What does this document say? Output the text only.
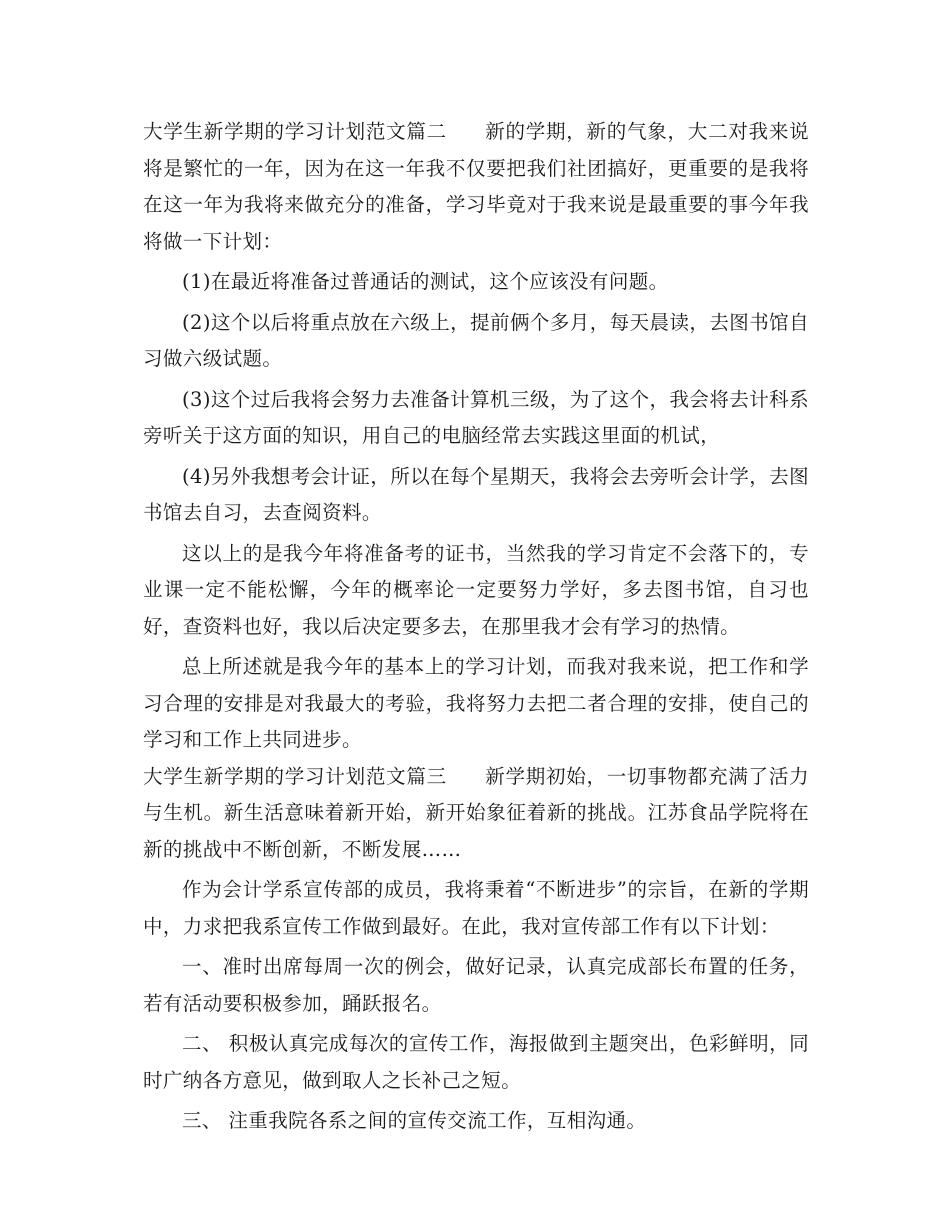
大学生新学期的学习计划范文篇二 新的学期，新的气象，大二对我来说将是繁忙的一年，因为在这一年我不仅要把我们社团搞好，更重要的是我将在这一年为我将来做充分的准备，学习毕竟对于我来说是最重要的事今年我将做一下计划：

(1)在最近将准备过普通话的测试，这个应该没有问题。

(2)这个以后将重点放在六级上，提前俩个多月，每天晨读，去图书馆自习做六级试题。

(3)这个过后我将会努力去准备计算机三级，为了这个，我会将去计科系旁听关于这方面的知识，用自己的电脑经常去实践这里面的机试，

(4)另外我想考会计证，所以在每个星期天，我将会去旁听会计学，去图书馆去自习，去查阅资料。

这以上的是我今年将准备考的证书，当然我的学习肯定不会落下的，专业课一定不能松懈，今年的概率论一定要努力学好，多去图书馆，自习也好，查资料也好，我以后决定要多去，在那里我才会有学习的热情。

总上所述就是我今年的基本上的学习计划，而我对我来说，把工作和学习合理的安排是对我最大的考验，我将努力去把二者合理的安排，使自己的学习和工作上共同进步。

大学生新学期的学习计划范文篇三 新学期初始，一切事物都充满了活力与生机。新生活意味着新开始，新开始象征着新的挑战。江苏食品学院将在新的挑战中不断创新，不断发展……

作为会计学系宣传部的成员，我将秉着“不断进步”的宗旨，在新的学期中，力求把我系宣传工作做到最好。在此，我对宣传部工作有以下计划：

一、准时出席每周一次的例会，做好记录，认真完成部长布置的任务，若有活动要积极参加，踊跃报名。

二、 积极认真完成每次的宣传工作，海报做到主题突出，色彩鲜明，同时广纳各方意见，做到取人之长补己之短。

三、 注重我院各系之间的宣传交流工作，互相沟通。
